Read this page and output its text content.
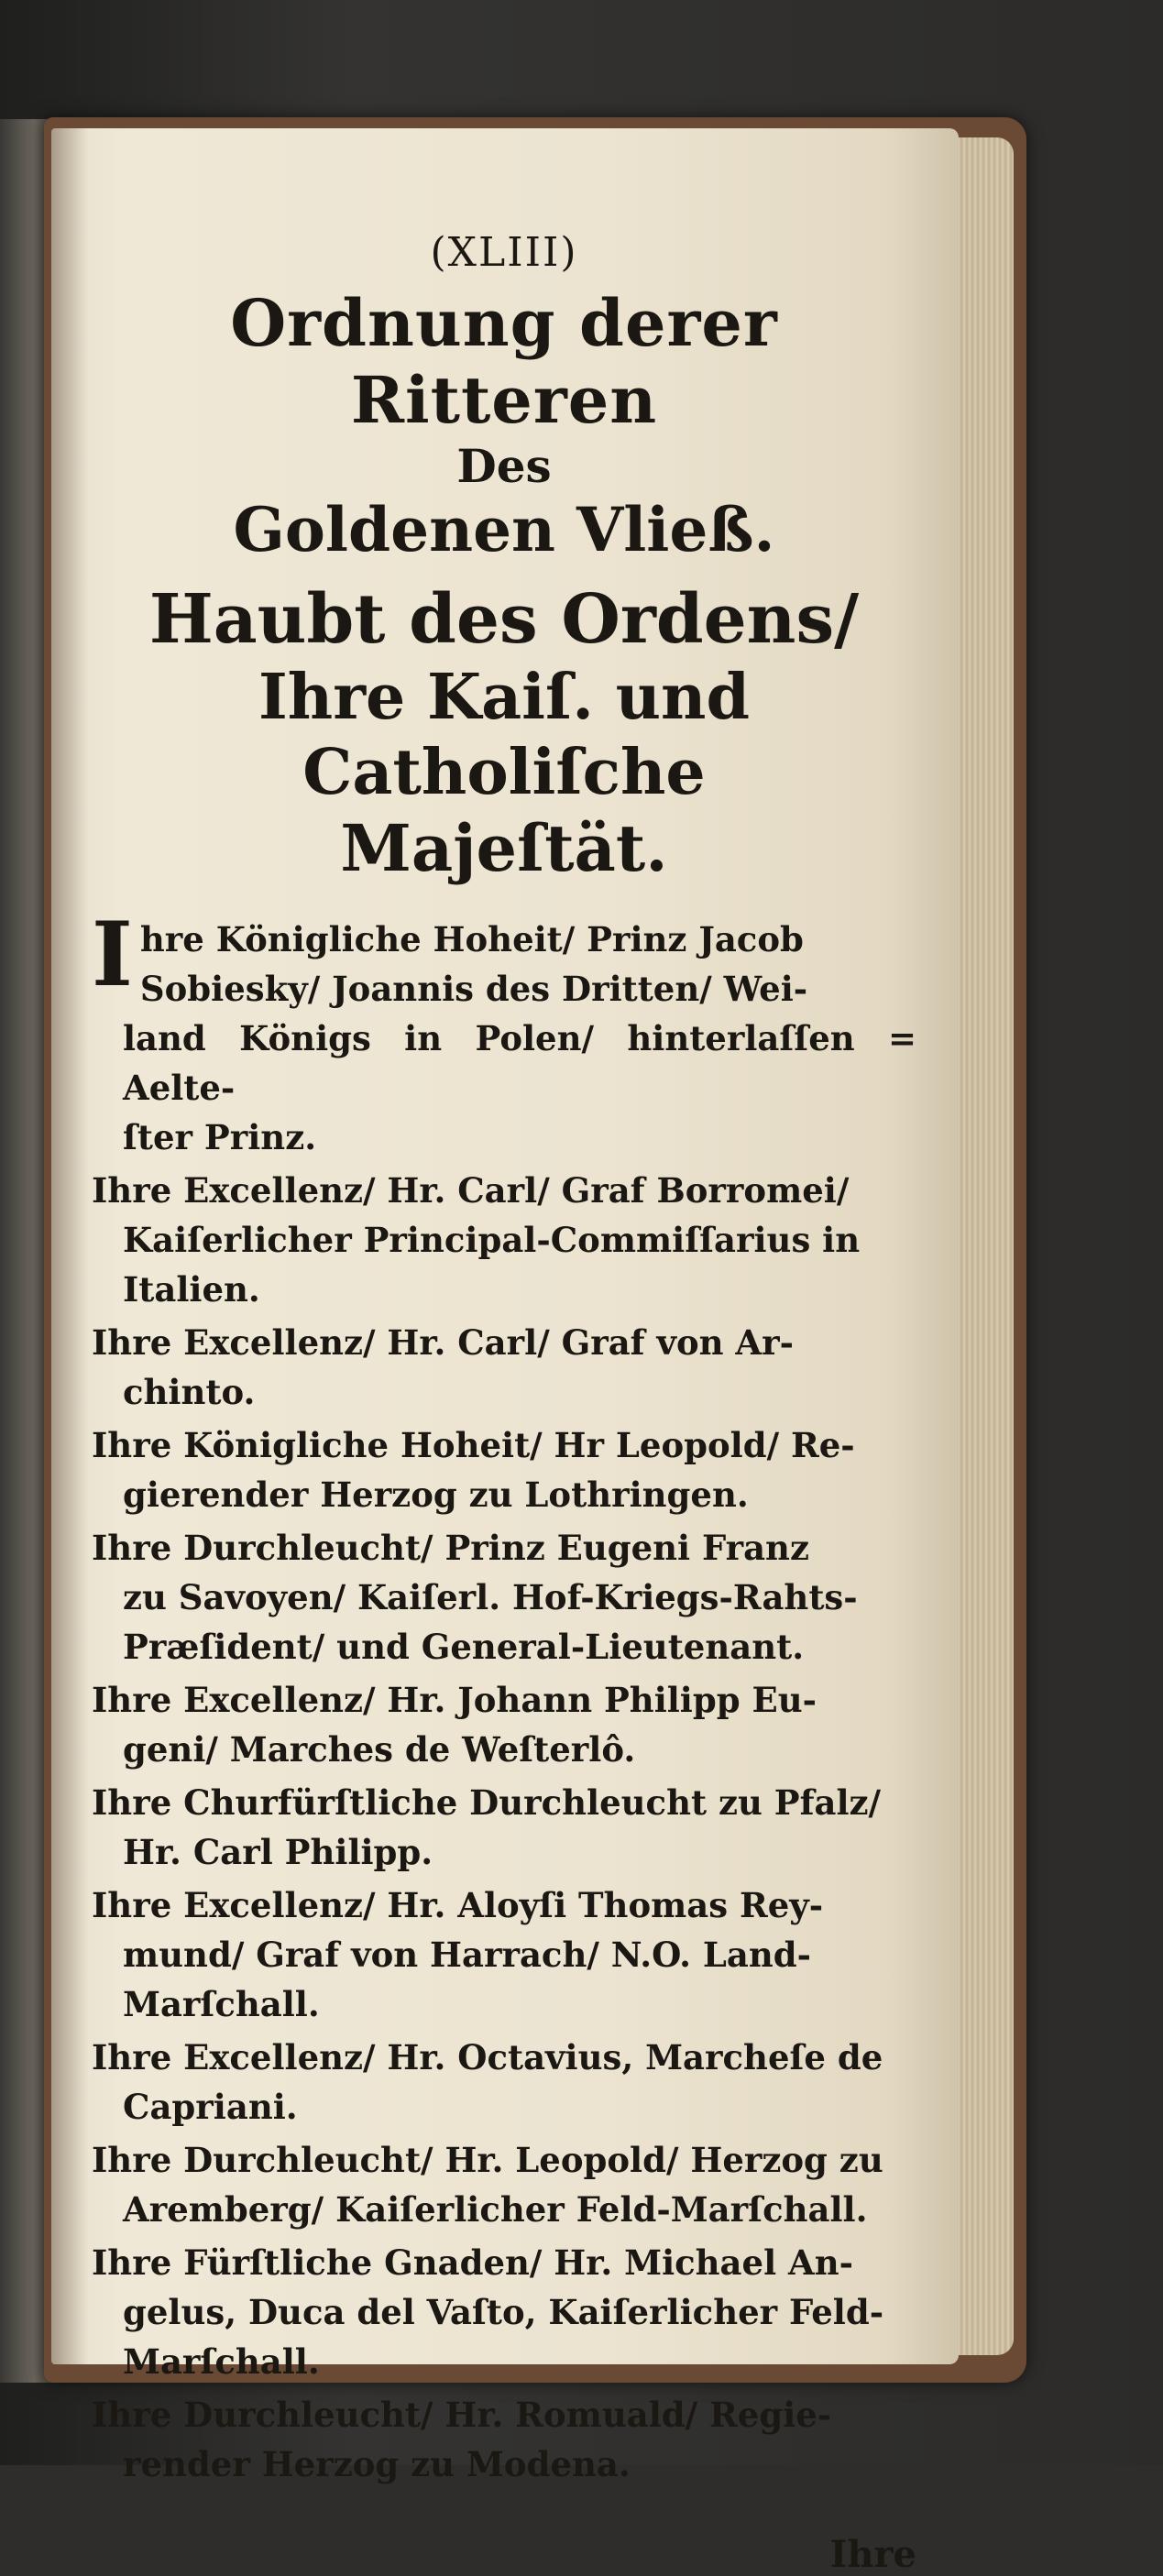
(XLIII)

Ordnung derer Ritteren

Des

Goldenen Vließ.

Haubt des Ordens/

Ihre Kaiſ. und Catholiſche

Majeſtät.

Ihre Königliche Hoheit/ Prinz Jacob
Sobiesky/ Joannis des Dritten/ Wei-
land Königs in Polen/ hinterlaſſen = Aelte-
ſter Prinz.

Ihre Excellenz/ Hr. Carl/ Graf Borromei/
Kaiſerlicher Principal-Commiſſarius in
Italien.

Ihre Excellenz/ Hr. Carl/ Graf von Ar-
chinto.

Ihre Königliche Hoheit/ Hr Leopold/ Re-
gierender Herzog zu Lothringen.

Ihre Durchleucht/ Prinz Eugeni Franz
zu Savoyen/ Kaiſerl. Hof-Kriegs-Rahts-
Præſident/ und General-Lieutenant.

Ihre Excellenz/ Hr. Johann Philipp Eu-
geni/ Marches de Weſterlô.

Ihre Churfürſtliche Durchleucht zu Pfalz/
Hr. Carl Philipp.

Ihre Excellenz/ Hr. Aloyſi Thomas Rey-
mund/ Graf von Harrach/ N.O. Land-
Marſchall.

Ihre Excellenz/ Hr. Octavius, Marcheſe de
Capriani.

Ihre Durchleucht/ Hr. Leopold/ Herzog zu
Aremberg/ Kaiſerlicher Feld-Marſchall.

Ihre Fürſtliche Gnaden/ Hr. Michael An-
gelus, Duca del Vaſto, Kaiſerlicher Feld-
Marſchall.

Ihre Durchleucht/ Hr. Romuald/ Regie-
render Herzog zu Modena.

Ihre
